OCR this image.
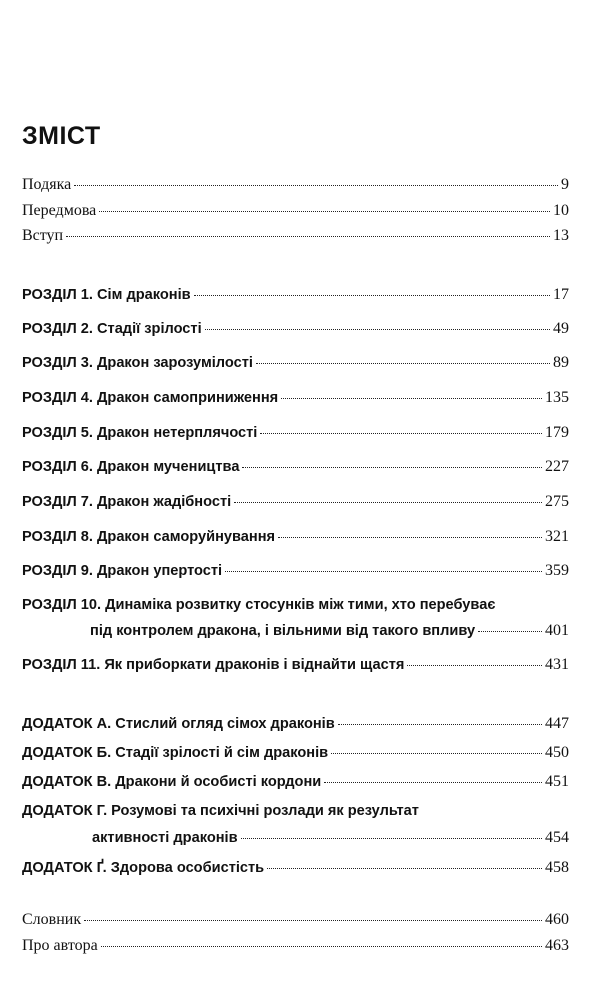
ЗМІСТ
Подяка	9
Передмова	10
Вступ	13
РОЗДІЛ 1. Сім драконів	17
РОЗДІЛ 2. Стадії зрілості	49
РОЗДІЛ 3. Дракон зарозумілості	89
РОЗДІЛ 4. Дракон самоприниження	135
РОЗДІЛ 5. Дракон нетерплячості	179
РОЗДІЛ 6. Дракон мучеництва	227
РОЗДІЛ 7. Дракон жадібності	275
РОЗДІЛ 8. Дракон саморуйнування	321
РОЗДІЛ 9. Дракон упертості	359
РОЗДІЛ 10. Динаміка розвитку стосунків між тими, хто перебуває
під контролем дракона, і вільними від такого впливу	401
РОЗДІЛ 11. Як приборкати драконів і віднайти щастя	431
ДОДАТОК А. Стислий огляд сімох драконів	447
ДОДАТОК Б. Стадії зрілості й сім драконів	450
ДОДАТОК В. Дракони й особисті кордони	451
ДОДАТОК Г. Розумові та психічні розлади як результат
активності драконів	454
ДОДАТОК Ґ. Здорова особистість	458
Словник	460
Про автора	463
